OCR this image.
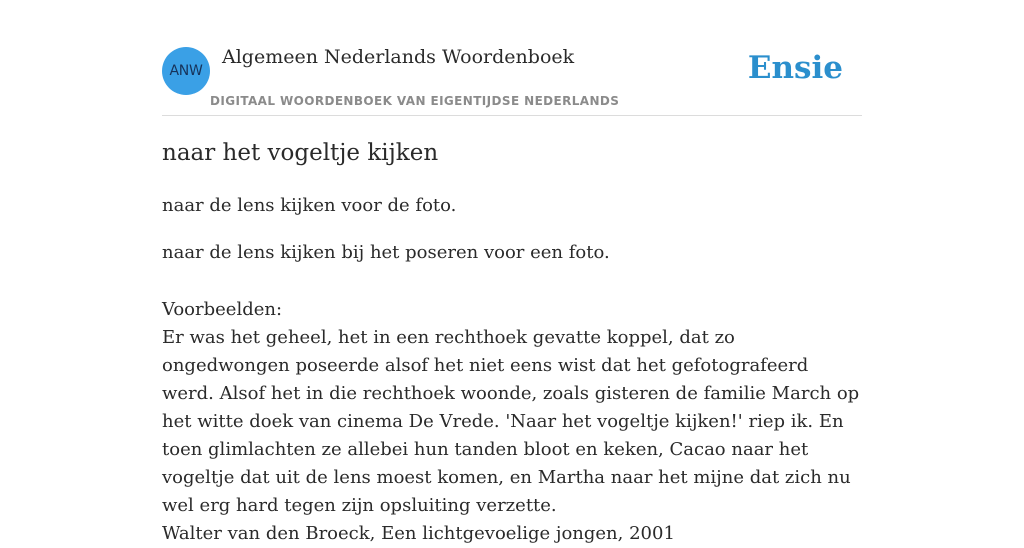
ANW
Algemeen Nederlands Woordenboek
DIGITAAL WOORDENBOEK VAN EIGENTIJDSE NEDERLANDS
Ensie
naar het vogeltje kijken
naar de lens kijken voor de foto.
naar de lens kijken bij het poseren voor een foto.

Voorbeelden:

Er was het geheel, het in een rechthoek gevatte koppel, dat zo ongedwongen poseerde alsof het niet eens wist dat het gefotografeerd werd. Alsof het in die rechthoek woonde, zoals gisteren de familie March op het witte doek van cinema De Vrede. 'Naar het vogeltje kijken!' riep ik. En toen glimlachten ze allebei hun tanden bloot en keken, Cacao naar het vogeltje dat uit de lens moest komen, en Martha naar het mijne dat zich nu wel erg hard tegen zijn opsluiting verzette.

Walter van den Broeck, Een lichtgevoelige jongen, 2001
